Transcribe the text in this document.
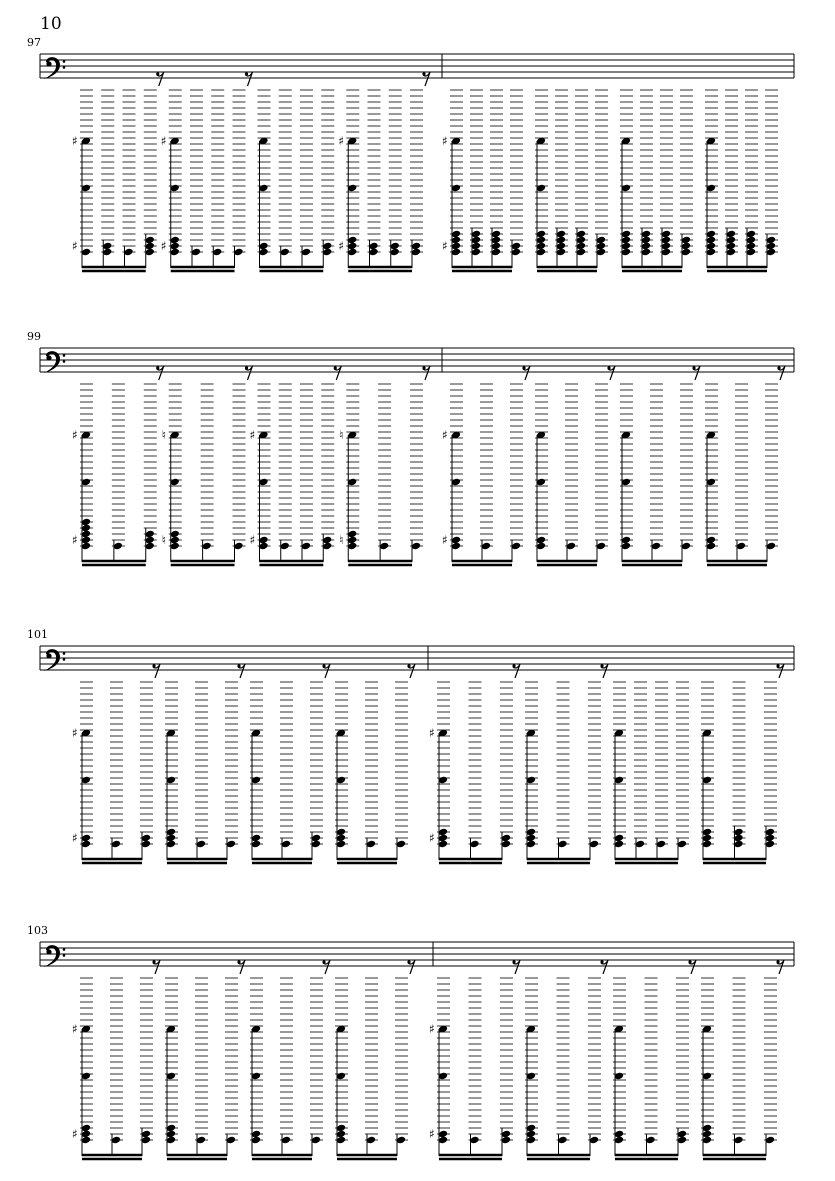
10
97
♯
♯
♯
♯
♯
♯
♯
♯
99
♯
♯
♮
♮
♯
♯
♮
♮
♯
♯
101
♯
♯
♯
♯
103
♯
♯
♯
♯
